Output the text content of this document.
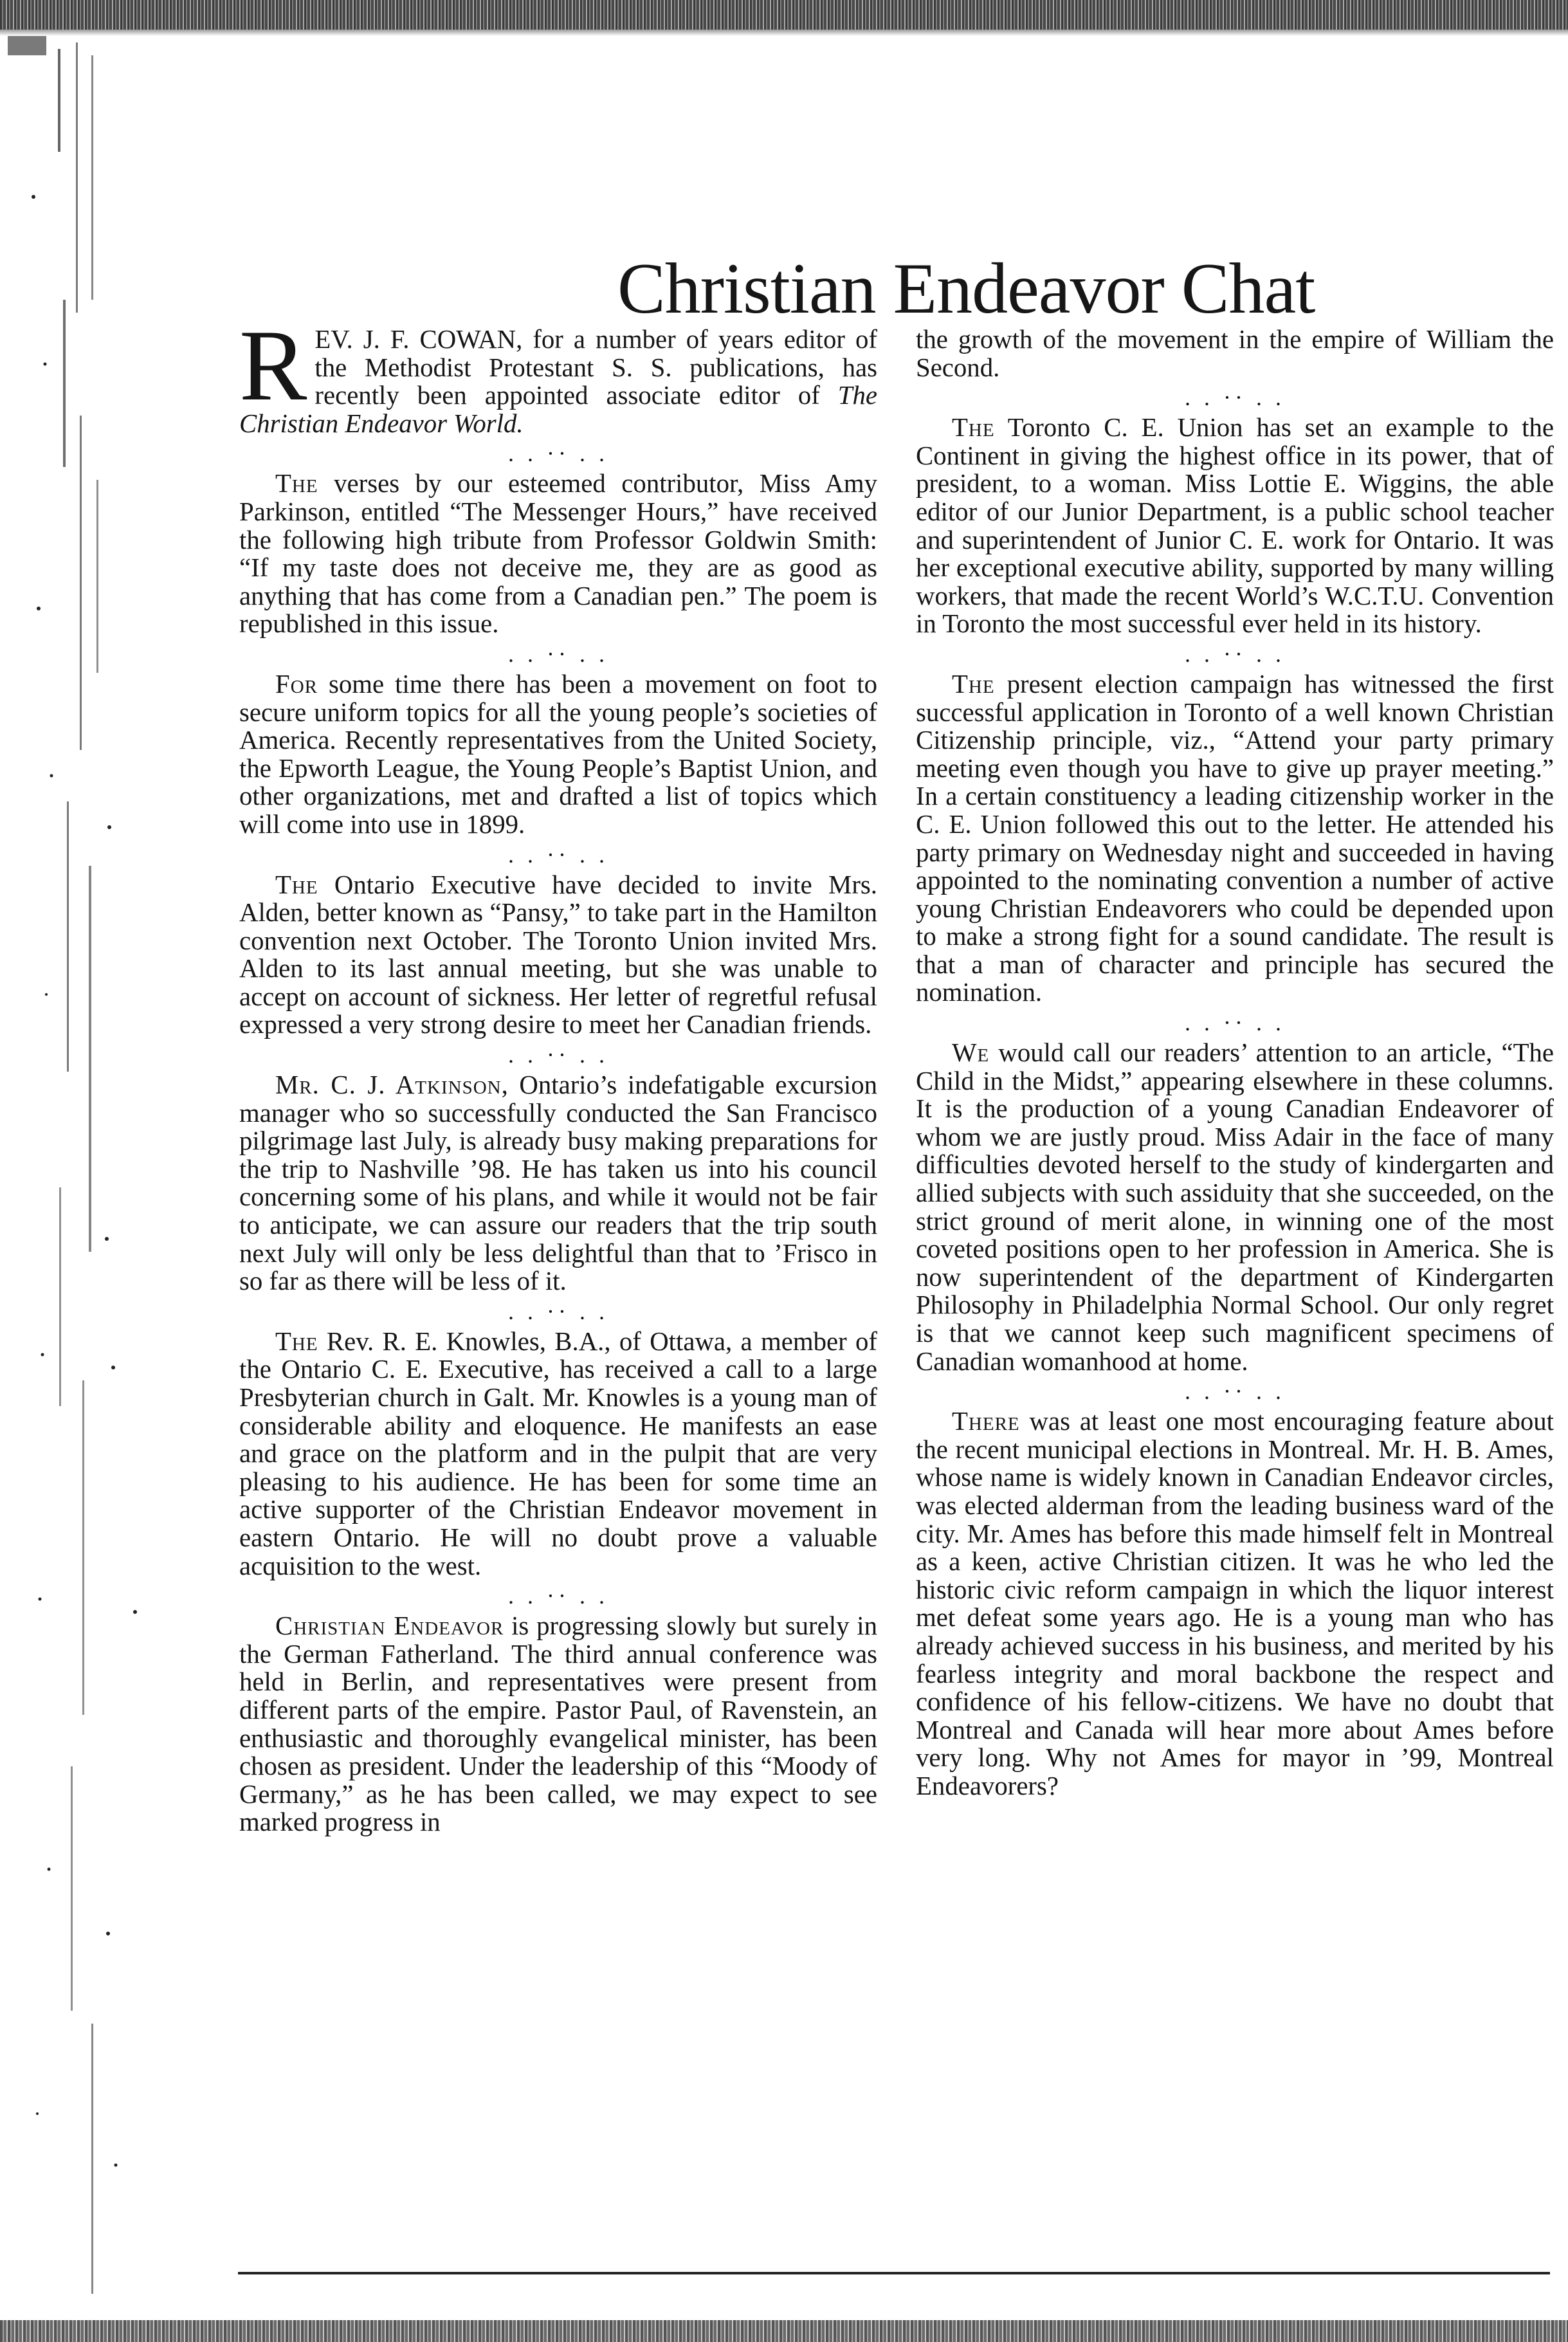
Christian Endeavor Chat

REV. J. F. COWAN, for a number of years editor of the Methodist Protestant S. S. publications, has recently been appointed associate editor of The Christian Endeavor World.

. . ·· . .

The verses by our esteemed contributor, Miss Amy Parkinson, entitled “The Messenger Hours,” have received the following high tribute from Professor Goldwin Smith: “If my taste does not deceive me, they are as good as anything that has come from a Canadian pen.” The poem is republished in this issue.

. . ·· . .

For some time there has been a movement on foot to secure uniform topics for all the young people’s societies of America. Recently representatives from the United Society, the Epworth League, the Young People’s Baptist Union, and other organizations, met and drafted a list of topics which will come into use in 1899.

. . ·· . .

The Ontario Executive have decided to invite Mrs. Alden, better known as “Pansy,” to take part in the Hamilton convention next October. The Toronto Union invited Mrs. Alden to its last annual meeting, but she was unable to accept on account of sickness. Her letter of regretful refusal expressed a very strong desire to meet her Canadian friends.

. . ·· . .

Mr. C. J. Atkinson, Ontario’s indefatigable excursion manager who so successfully conducted the San Francisco pilgrimage last July, is already busy making preparations for the trip to Nashville ’98. He has taken us into his council concerning some of his plans, and while it would not be fair to anticipate, we can assure our readers that the trip south next July will only be less delightful than that to ’Frisco in so far as there will be less of it.

. . ·· . .

The Rev. R. E. Knowles, B.A., of Ottawa, a member of the Ontario C. E. Executive, has received a call to a large Presbyterian church in Galt. Mr. Knowles is a young man of considerable ability and eloquence. He manifests an ease and grace on the platform and in the pulpit that are very pleasing to his audience. He has been for some time an active supporter of the Christian Endeavor movement in eastern Ontario. He will no doubt prove a valuable acquisition to the west.

. . ·· . .

Christian Endeavor is progressing slowly but surely in the German Fatherland. The third annual conference was held in Berlin, and representatives were present from different parts of the empire. Pastor Paul, of Ravenstein, an enthusiastic and thoroughly evangelical minister, has been chosen as president. Under the leadership of this “Moody of Germany,” as he has been called, we may expect to see marked progress in

the growth of the movement in the empire of William the Second.

. . ·· . .

The Toronto C. E. Union has set an example to the Continent in giving the highest office in its power, that of president, to a woman. Miss Lottie E. Wiggins, the able editor of our Junior Department, is a public school teacher and superintendent of Junior C. E. work for Ontario. It was her exceptional executive ability, supported by many willing workers, that made the recent World’s W.C.T.U. Convention in Toronto the most successful ever held in its history.

. . ·· . .

The present election campaign has witnessed the first successful application in Toronto of a well known Christian Citizenship principle, viz., “Attend your party primary meeting even though you have to give up prayer meeting.” In a certain constituency a leading citizenship worker in the C. E. Union followed this out to the letter. He attended his party primary on Wednesday night and succeeded in having appointed to the nominating convention a number of active young Christian Endeavorers who could be depended upon to make a strong fight for a sound candidate. The result is that a man of character and principle has secured the nomination.

. . ·· . .

We would call our readers’ attention to an article, “The Child in the Midst,” appearing elsewhere in these columns. It is the production of a young Canadian Endeavorer of whom we are justly proud. Miss Adair in the face of many difficulties devoted herself to the study of kindergarten and allied subjects with such assiduity that she succeeded, on the strict ground of merit alone, in winning one of the most coveted positions open to her profession in America. She is now superintendent of the department of Kindergarten Philosophy in Philadelphia Normal School. Our only regret is that we cannot keep such magnificent specimens of Canadian womanhood at home.

. . ·· . .

There was at least one most encouraging feature about the recent municipal elections in Montreal. Mr. H. B. Ames, whose name is widely known in Canadian Endeavor circles, was elected alderman from the leading business ward of the city. Mr. Ames has before this made himself felt in Montreal as a keen, active Christian citizen. It was he who led the historic civic reform campaign in which the liquor interest met defeat some years ago. He is a young man who has already achieved success in his business, and merited by his fearless integrity and moral backbone the respect and confidence of his fellow-citizens. We have no doubt that Montreal and Canada will hear more about Ames before very long. Why not Ames for mayor in ’99, Montreal Endeavorers?
